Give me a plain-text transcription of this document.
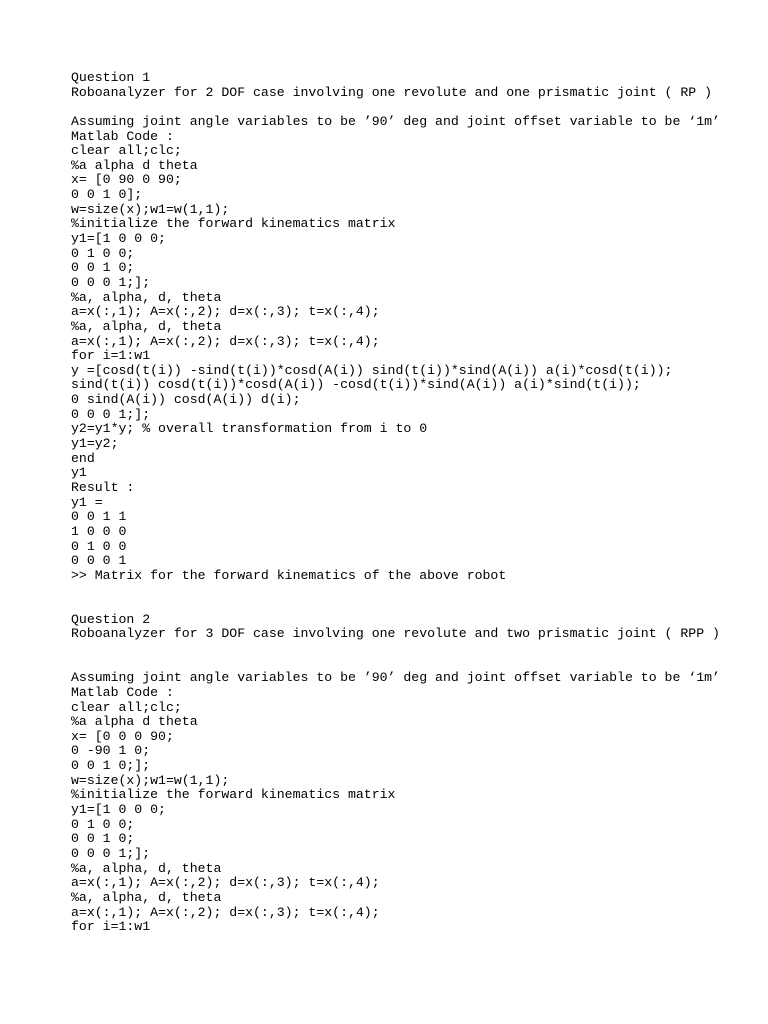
Question 1
Roboanalyzer for 2 DOF case involving one revolute and one prismatic joint ( RP )
Assuming joint angle variables to be ’90’ deg and joint offset variable to be ‘1m’
Matlab Code :
clear all;clc;
%a alpha d theta
x= [0 90 0 90;
0 0 1 0];
w=size(x);w1=w(1,1);
%initialize the forward kinematics matrix
y1=[1 0 0 0;
0 1 0 0;
0 0 1 0;
0 0 0 1;];
%a, alpha, d, theta
a=x(:,1); A=x(:,2); d=x(:,3); t=x(:,4);
%a, alpha, d, theta
a=x(:,1); A=x(:,2); d=x(:,3); t=x(:,4);
for i=1:w1
y =[cosd(t(i)) -sind(t(i))*cosd(A(i)) sind(t(i))*sind(A(i)) a(i)*cosd(t(i));
sind(t(i)) cosd(t(i))*cosd(A(i)) -cosd(t(i))*sind(A(i)) a(i)*sind(t(i));
0 sind(A(i)) cosd(A(i)) d(i);
0 0 0 1;];
y2=y1*y; % overall transformation from i to 0
y1=y2;
end
y1
Result :
y1 =
0 0 1 1
1 0 0 0
0 1 0 0
0 0 0 1
>> Matrix for the forward kinematics of the above robot
Question 2
Roboanalyzer for 3 DOF case involving one revolute and two prismatic joint ( RPP )
Assuming joint angle variables to be ’90’ deg and joint offset variable to be ‘1m’
Matlab Code :
clear all;clc;
%a alpha d theta
x= [0 0 0 90;
0 -90 1 0;
0 0 1 0;];
w=size(x);w1=w(1,1);
%initialize the forward kinematics matrix
y1=[1 0 0 0;
0 1 0 0;
0 0 1 0;
0 0 0 1;];
%a, alpha, d, theta
a=x(:,1); A=x(:,2); d=x(:,3); t=x(:,4);
%a, alpha, d, theta
a=x(:,1); A=x(:,2); d=x(:,3); t=x(:,4);
for i=1:w1
